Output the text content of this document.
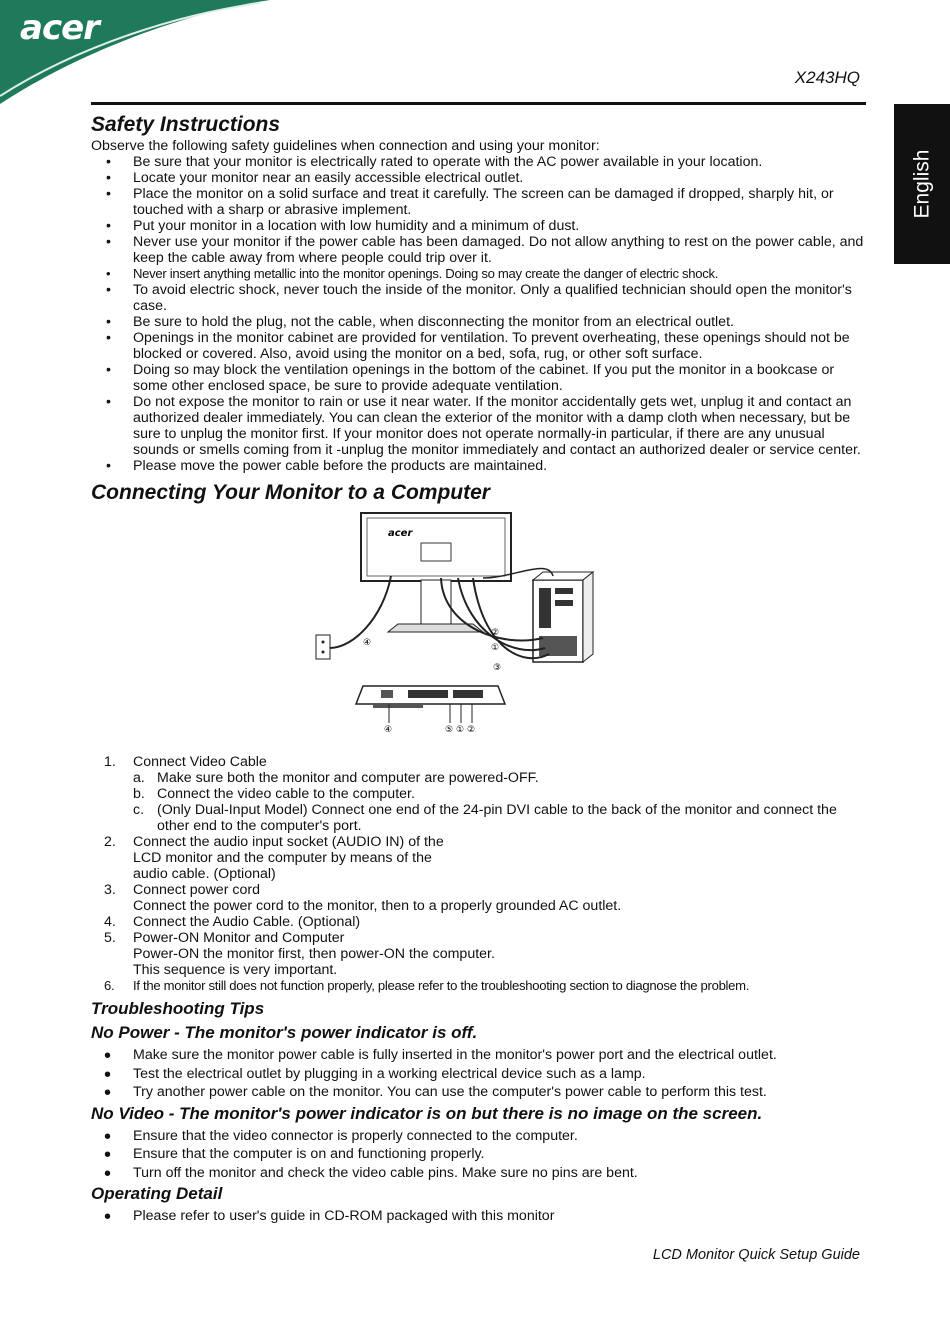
acer
X243HQ
English
Safety Instructions

Observe the following safety guidelines when connection and using your monitor:

• Be sure that your monitor is electrically rated to operate with the AC power available in your location.
• Locate your monitor near an easily accessible electrical outlet.
• Place the monitor on a solid surface and treat it carefully. The screen can be damaged if dropped, sharply hit, or touched with a sharp or abrasive implement.
• Put your monitor in a location with low humidity and a minimum of dust.
• Never use your monitor if the power cable has been damaged. Do not allow anything to rest on the power cable, and keep the cable away from where people could trip over it.
• Never insert anything metallic into the monitor openings. Doing so may create the danger of electric shock.
• To avoid electric shock, never touch the inside of the monitor. Only a qualified technician should open the monitor's case.
• Be sure to hold the plug, not the cable, when disconnecting the monitor from an electrical outlet.
• Openings in the monitor cabinet are provided for ventilation. To prevent overheating, these openings should not be blocked or covered. Also, avoid using the monitor on a bed, sofa, rug, or other soft surface.
• Doing so may block the ventilation openings in the bottom of the cabinet. If you put the monitor in a bookcase or some other enclosed space, be sure to provide adequate ventilation.
• Do not expose the monitor to rain or use it near water. If the monitor accidentally gets wet, unplug it and contact an authorized dealer immediately. You can clean the exterior of the monitor with a damp cloth when necessary, but be sure to unplug the monitor first. If your monitor does not operate normally-in particular, if there are any unusual sounds or smells coming from it -unplug the monitor immediately and contact an authorized dealer or service center.
• Please move the power cable before the products are maintained.
Connecting Your Monitor to a Computer
acer
④
②
①
③
④	⑤ ① ②
1. Connect Video Cable
a. Make sure both the monitor and computer are powered-OFF.
b. Connect the video cable to the computer.
c. (Only Dual-Input Model) Connect one end of the 24-pin DVI cable to the back of the monitor and connect the other end to the computer's port.
2. Connect the audio input socket (AUDIO IN) of the
LCD monitor and the computer by means of the
audio cable. (Optional)
3. Connect power cord
Connect the power cord to the monitor, then to a properly grounded AC outlet.
4. Connect the Audio Cable. (Optional)
5. Power-ON Monitor and Computer
Power-ON the monitor first, then power-ON the computer.
This sequence is very important.
6. If the monitor still does not function properly, please refer to the troubleshooting section to diagnose the problem.
Troubleshooting Tips
No Power - The monitor's power indicator is off.
• Make sure the monitor power cable is fully inserted in the monitor's power port and the electrical outlet.
• Test the electrical outlet by plugging in a working electrical device such as a lamp.
• Try another power cable on the monitor. You can use the computer's power cable to perform this test.
No Video - The monitor's power indicator is on but there is no image on the screen.
• Ensure that the video connector is properly connected to the computer.
• Ensure that the computer is on and functioning properly.
• Turn off the monitor and check the video cable pins. Make sure no pins are bent.
Operating Detail
• Please refer to user's guide in CD-ROM packaged with this monitor
LCD Monitor Quick Setup Guide
